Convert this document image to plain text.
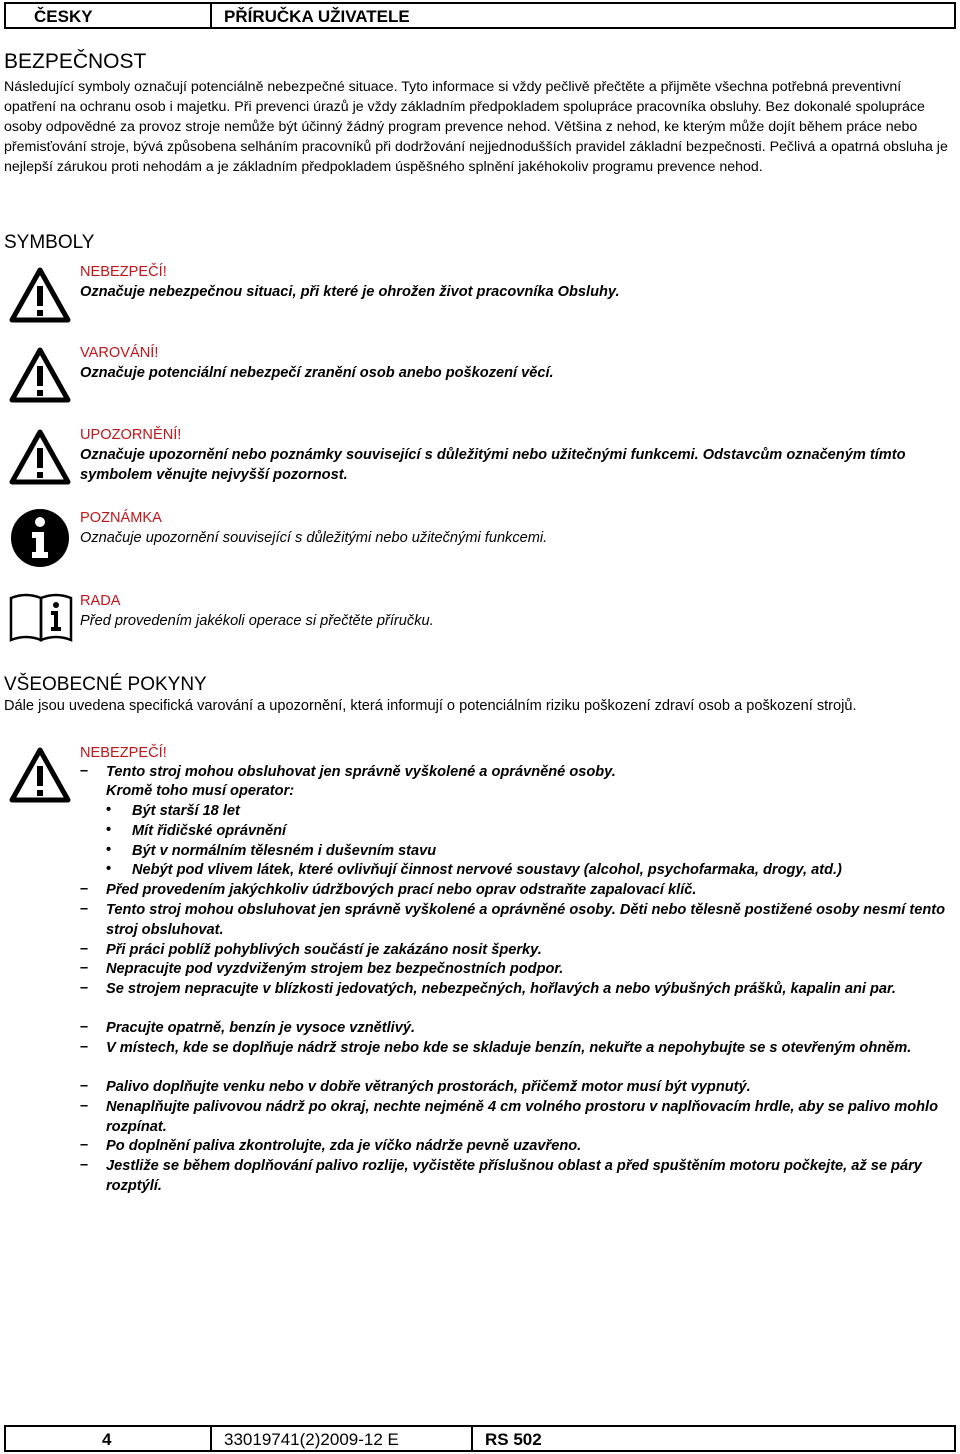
ČESKY	PŘÍRUČKA UŽIVATELE
BEZPEČNOST
Následující symboly označují potenciálně nebezpečné situace. Tyto informace si vždy pečlivě přečtěte a přijměte všechna potřebná preventivní opatření na ochranu osob i majetku. Při prevenci úrazů je vždy základním předpokladem spolupráce pracovníka obsluhy. Bez dokonalé spolupráce osoby odpovědné za provoz stroje nemůže být účinný žádný program prevence nehod. Většina z nehod, ke kterým může dojít během práce nebo přemisťování stroje, bývá způsobena selháním pracovníků při dodržování nejjednodušších pravidel základní bezpečnosti. Pečlivá a opatrná obsluha je nejlepší zárukou proti nehodám a je základním předpokladem úspěšného splnění jakéhokoliv programu prevence nehod.
SYMBOLY
NEBEZPEČÍ!
Označuje nebezpečnou situaci, při které je ohrožen život pracovníka Obsluhy.
VAROVÁNÍ!
Označuje potenciální nebezpečí zranění osob anebo poškození věcí.
UPOZORNĚNÍ!
Označuje upozornění nebo poznámky související s důležitými nebo užitečnými funkcemi. Odstavcům označeným tímto symbolem věnujte nejvyšší pozornost.
POZNÁMKA
Označuje upozornění související s důležitými nebo užitečnými funkcemi.
RADA
Před provedením jakékoli operace si přečtěte příručku.
VŠEOBECNÉ POKYNY
Dále jsou uvedena specifická varování a upozornění, která informují o potenciálním riziku poškození zdraví osob a poškození strojů.
NEBEZPEČÍ!
– Tento stroj mohou obsluhovat jen správně vyškolené a oprávněné osoby.
Kromě toho musí operator:
• Být starší 18 let
• Mít řidičské oprávnění
• Být v normálním tělesném i duševním stavu
• Nebýt pod vlivem látek, které ovlivňují činnost nervové soustavy (alcohol, psychofarmaka, drogy, atd.)
– Před provedením jakýchkoliv údržbových prací nebo oprav odstraňte zapalovací klíč.
– Tento stroj mohou obsluhovat jen správně vyškolené a oprávněné osoby. Děti nebo tělesně postižené osoby nesmí tento stroj obsluhovat.
– Při práci poblíž pohyblivých součástí je zakázáno nosit šperky.
– Nepracujte pod vyzdviženým strojem bez bezpečnostních podpor.
– Se strojem nepracujte v blízkosti jedovatých, nebezpečných, hořlavých a nebo výbušných prášků, kapalin ani par.
– Pracujte opatrně, benzín je vysoce vznětlivý.
– V místech, kde se doplňuje nádrž stroje nebo kde se skladuje benzín, nekuřte a nepohybujte se s otevřeným ohněm.
– Palivo doplňujte venku nebo v dobře větraných prostorách, přičemž motor musí být vypnutý.
– Nenaplňujte palivovou nádrž po okraj, nechte nejméně 4 cm volného prostoru v naplňovacím hrdle, aby se palivo mohlo rozpínat.
– Po doplnění paliva zkontrolujte, zda je víčko nádrže pevně uzavřeno.
– Jestliže se během doplňování palivo rozlije, vyčistěte příslušnou oblast a před spuštěním motoru počkejte, až se páry rozptýlí.
4	33019741(2)2009-12 E	RS 502
